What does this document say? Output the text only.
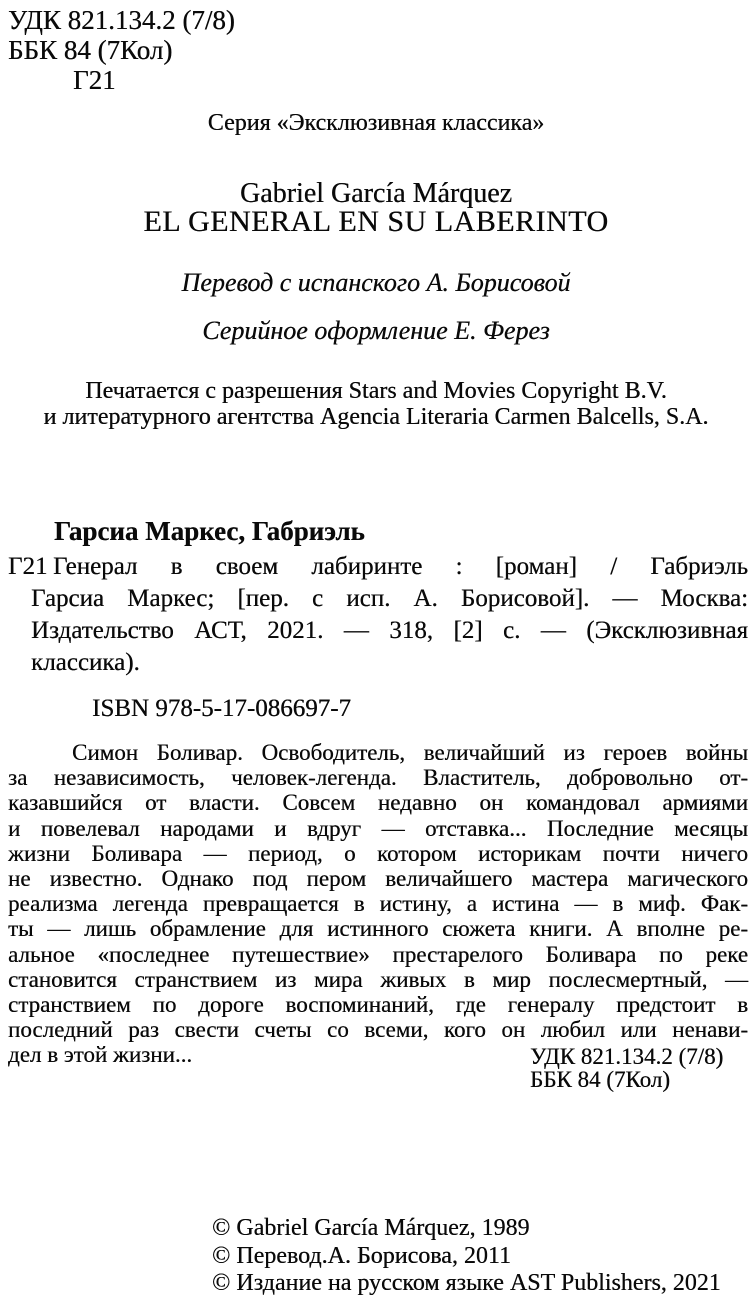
УДК 821.134.2 (7/8)
ББК 84 (7Кол)
Г21
Серия «Эксклюзивная классика»
Gabriel García Márquez
EL GENERAL EN SU LABERINTO
Перевод с испанского А. Борисовой
Серийное оформление Е. Ферез
Печатается с разрешения Stars and Movies Copyright B.V.
и литературного агентства Agencia Literaria Carmen Balcells, S.A.
Гарсиа Маркес, Габриэль
Г21 Генерал в своем лабиринте : [роман] / Габриэль
Гарсиа Маркес; [пер. с исп. А. Борисовой]. — Москва:
Издательство АСТ, 2021. — 318, [2] с. — (Эксклюзивная
классика).
ISBN 978-5-17-086697-7
Симон Боливар. Освободитель, величайший из героев войны
за независимость, человек-легенда. Властитель, добровольно от-
казавшийся от власти. Совсем недавно он командовал армиями
и повелевал народами и вдруг — отставка... Последние месяцы
жизни Боливара — период, о котором историкам почти ничего
не известно. Однако под пером величайшего мастера магического
реализма легенда превращается в истину, а истина — в миф. Фак-
ты — лишь обрамление для истинного сюжета книги. А вполне ре-
альное «последнее путешествие» престарелого Боливара по реке
становится странствием из мира живых в мир послесмертный, —
странствием по дороге воспоминаний, где генералу предстоит в
последний раз свести счеты со всеми, кого он любил или ненави-
дел в этой жизни...	УДК 821.134.2 (7/8)
ББК 84 (7Кол)
© Gabriel García Márquez, 1989
© Перевод.А. Борисова, 2011
© Издание на русском языке AST Publishers, 2021
